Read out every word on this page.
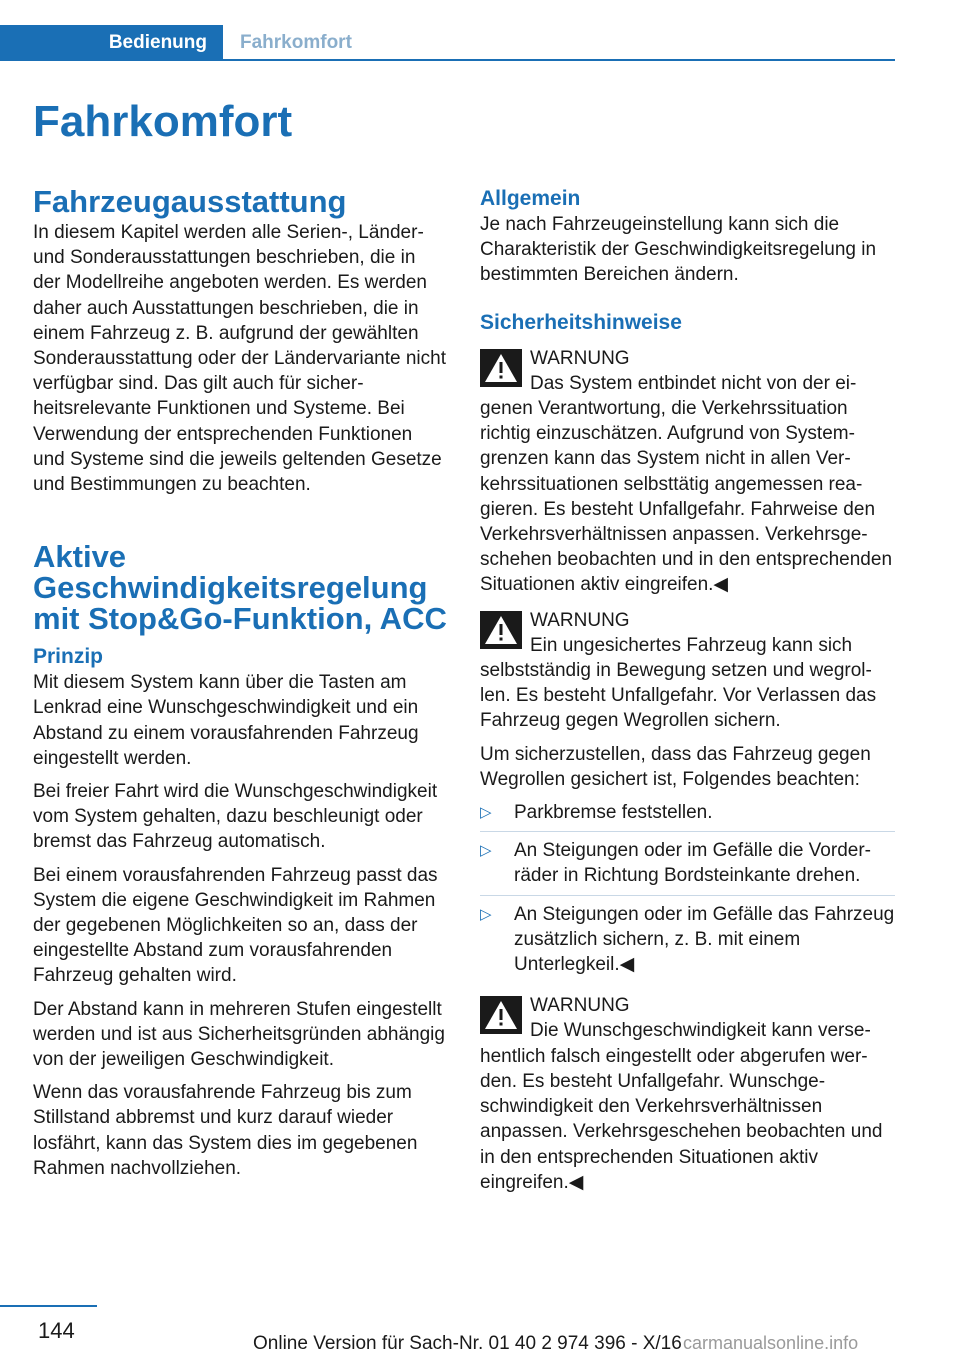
Bedienung Fahrkomfort
Fahrkomfort
Fahrzeugausstattung

In diesem Kapitel werden alle Serien-, Länder- und Sonderausstattungen beschrieben, die in der Modellreihe angeboten werden. Es werden daher auch Ausstattungen beschrieben, die in einem Fahrzeug z. B. aufgrund der gewählten Sonderausstattung oder der Ländervariante nicht verfügbar sind. Das gilt auch für sicherheitsrelevante Funktionen und Systeme. Bei Verwendung der entsprechenden Funktionen und Systeme sind die jeweils geltenden Gesetze und Bestimmungen zu beachten.

Aktive Geschwindigkeitsregelung mit Stop&Go-Funktion, ACC
Prinzip

Mit diesem System kann über die Tasten am Lenkrad eine Wunschgeschwindigkeit und ein Abstand zu einem vorausfahrenden Fahrzeug eingestellt werden.

Bei freier Fahrt wird die Wunschgeschwindigkeit vom System gehalten, dazu beschleunigt oder bremst das Fahrzeug automatisch.

Bei einem vorausfahrenden Fahrzeug passt das System die eigene Geschwindigkeit im Rahmen der gegebenen Möglichkeiten so an, dass der eingestellte Abstand zum vorausfahrenden Fahrzeug gehalten wird.

Der Abstand kann in mehreren Stufen eingestellt werden und ist aus Sicherheitsgründen abhängig von der jeweiligen Geschwindigkeit.

Wenn das vorausfahrende Fahrzeug bis zum Stillstand abbremst und kurz darauf wieder losfährt, kann das System dies im gegebenen Rahmen nachvollziehen.

Allgemein

Je nach Fahrzeugeinstellung kann sich die Charakteristik der Geschwindigkeitsregelung in bestimmten Bereichen ändern.

Sicherheitshinweise
WARNUNG
Das System entbindet nicht von der eigenen Verantwortung, die Verkehrssituation richtig einzuschätzen. Aufgrund von Systemgrenzen kann das System nicht in allen Verkehrssituationen selbsttätig angemessen reagieren. Es besteht Unfallgefahr. Fahrweise den Verkehrsverhältnissen anpassen. Verkehrsgeschehen beobachten und in den entsprechenden Situationen aktiv eingreifen.◀
WARNUNG
Ein ungesichertes Fahrzeug kann sich selbstständig in Bewegung setzen und wegrollen. Es besteht Unfallgefahr. Vor Verlassen das Fahrzeug gegen Wegrollen sichern.

Um sicherzustellen, dass das Fahrzeug gegen Wegrollen gesichert ist, Folgendes beachten:

▷ Parkbremse feststellen.
▷ An Steigungen oder im Gefälle die Vorderräder in Richtung Bordsteinkante drehen.
▷ An Steigungen oder im Gefälle das Fahrzeug zusätzlich sichern, z. B. mit einem Unterlegkeil.◀
WARNUNG
Die Wunschgeschwindigkeit kann versehentlich falsch eingestellt oder abgerufen werden. Es besteht Unfallgefahr. Wunschgeschwindigkeit den Verkehrsverhältnissen anpassen. Verkehrsgeschehen beobachten und in den entsprechenden Situationen aktiv eingreifen.◀
144
Online Version für Sach-Nr. 01 40 2 974 396 - X/16 carmanualsonline.info
